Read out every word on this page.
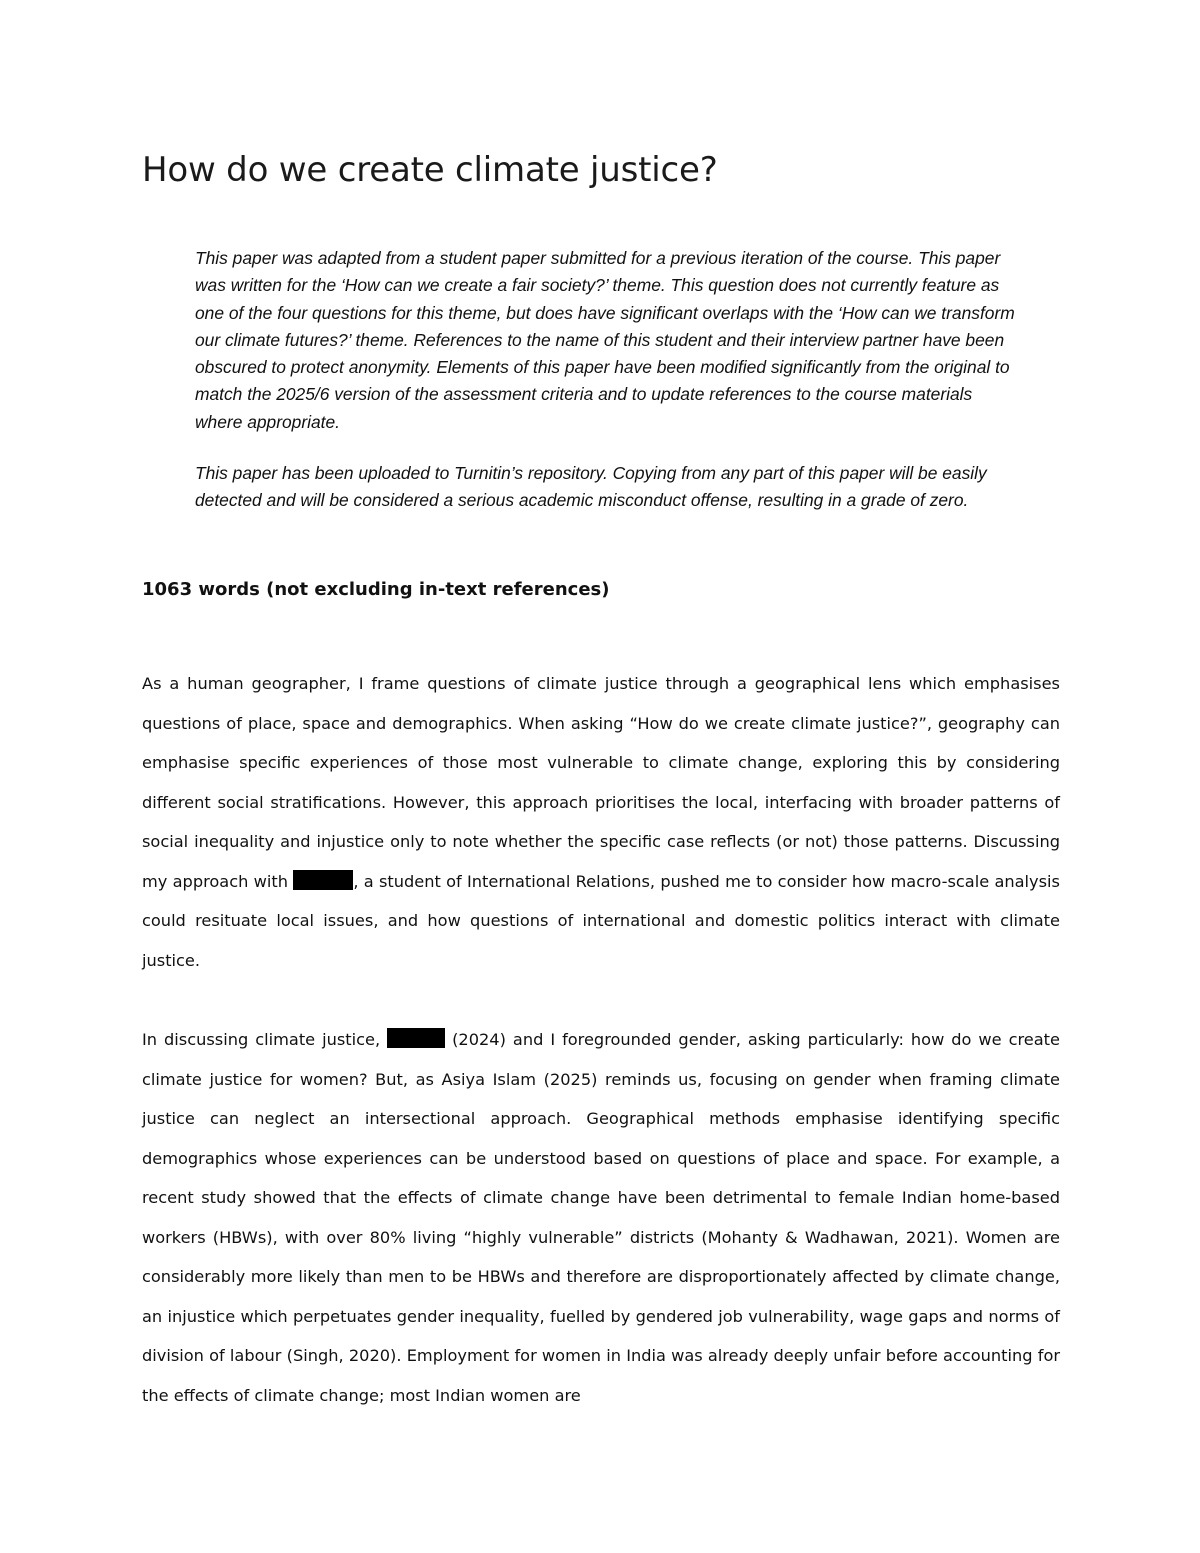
How do we create climate justice?

This paper was adapted from a student paper submitted for a previous iteration of the course. This paper was written for the ‘How can we create a fair society?’ theme. This question does not currently feature as one of the four questions for this theme, but does have significant overlaps with the ‘How can we transform our climate futures?’ theme. References to the name of this student and their interview partner have been obscured to protect anonymity. Elements of this paper have been modified significantly from the original to match the 2025/6 version of the assessment criteria and to update references to the course materials where appropriate.

This paper has been uploaded to Turnitin’s repository. Copying from any part of this paper will be easily detected and will be considered a serious academic misconduct offense, resulting in a grade of zero.

1063 words (not excluding in-text references)

As a human geographer, I frame questions of climate justice through a geographical lens which emphasises questions of place, space and demographics. When asking “How do we create climate justice?”, geography can emphasise specific experiences of those most vulnerable to climate change, exploring this by considering different social stratifications. However, this approach prioritises the local, interfacing with broader patterns of social inequality and injustice only to note whether the specific case reflects (or not) those patterns. Discussing my approach with	, a student of International Relations, pushed me to consider how macro-scale analysis could resituate local issues, and how questions of international and domestic politics interact with climate justice.

In discussing climate justice,	(2024) and I foregrounded gender, asking particularly: how do we create climate justice for women? But, as Asiya Islam (2025) reminds us, focusing on gender when framing climate justice can neglect an intersectional approach. Geographical methods emphasise identifying specific demographics whose experiences can be understood based on questions of place and space. For example, a recent study showed that the effects of climate change have been detrimental to female Indian home-based workers (HBWs), with over 80% living “highly vulnerable” districts (Mohanty & Wadhawan, 2021). Women are considerably more likely than men to be HBWs and therefore are disproportionately affected by climate change, an injustice which perpetuates gender inequality, fuelled by gendered job vulnerability, wage gaps and norms of division of labour (Singh, 2020). Employment for women in India was already deeply unfair before accounting for the effects of climate change; most Indian women are
